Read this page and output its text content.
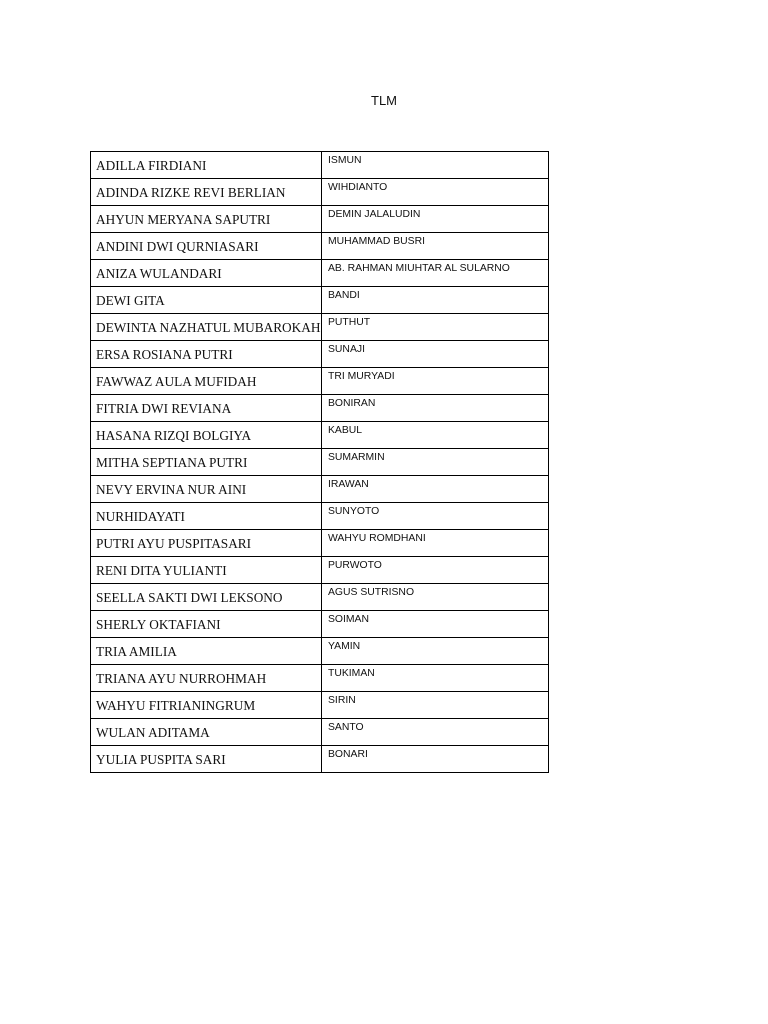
TLM
ADILLA FIRDIANI	ISMUN
ADINDA RIZKE REVI BERLIAN	WIHDIANTO
AHYUN MERYANA SAPUTRI	DEMIN JALALUDIN
ANDINI DWI QURNIASARI	MUHAMMAD BUSRI
ANIZA WULANDARI	AB. RAHMAN MIUHTAR AL SULARNO
DEWI GITA	BANDI
DEWINTA NAZHATUL MUBAROKAH	PUTHUT
ERSA ROSIANA PUTRI	SUNAJI
FAWWAZ AULA MUFIDAH	TRI MURYADI
FITRIA DWI REVIANA	BONIRAN
HASANA RIZQI BOLGIYA	KABUL
MITHA SEPTIANA PUTRI	SUMARMIN
NEVY ERVINA NUR AINI	IRAWAN
NURHIDAYATI	SUNYOTO
PUTRI AYU PUSPITASARI	WAHYU ROMDHANI
RENI DITA YULIANTI	PURWOTO
SEELLA SAKTI DWI LEKSONO	AGUS SUTRISNO
SHERLY OKTAFIANI	SOIMAN
TRIA AMILIA	YAMIN
TRIANA AYU NURROHMAH	TUKIMAN
WAHYU FITRIANINGRUM	SIRIN
WULAN ADITAMA	SANTO
YULIA PUSPITA SARI	BONARI
